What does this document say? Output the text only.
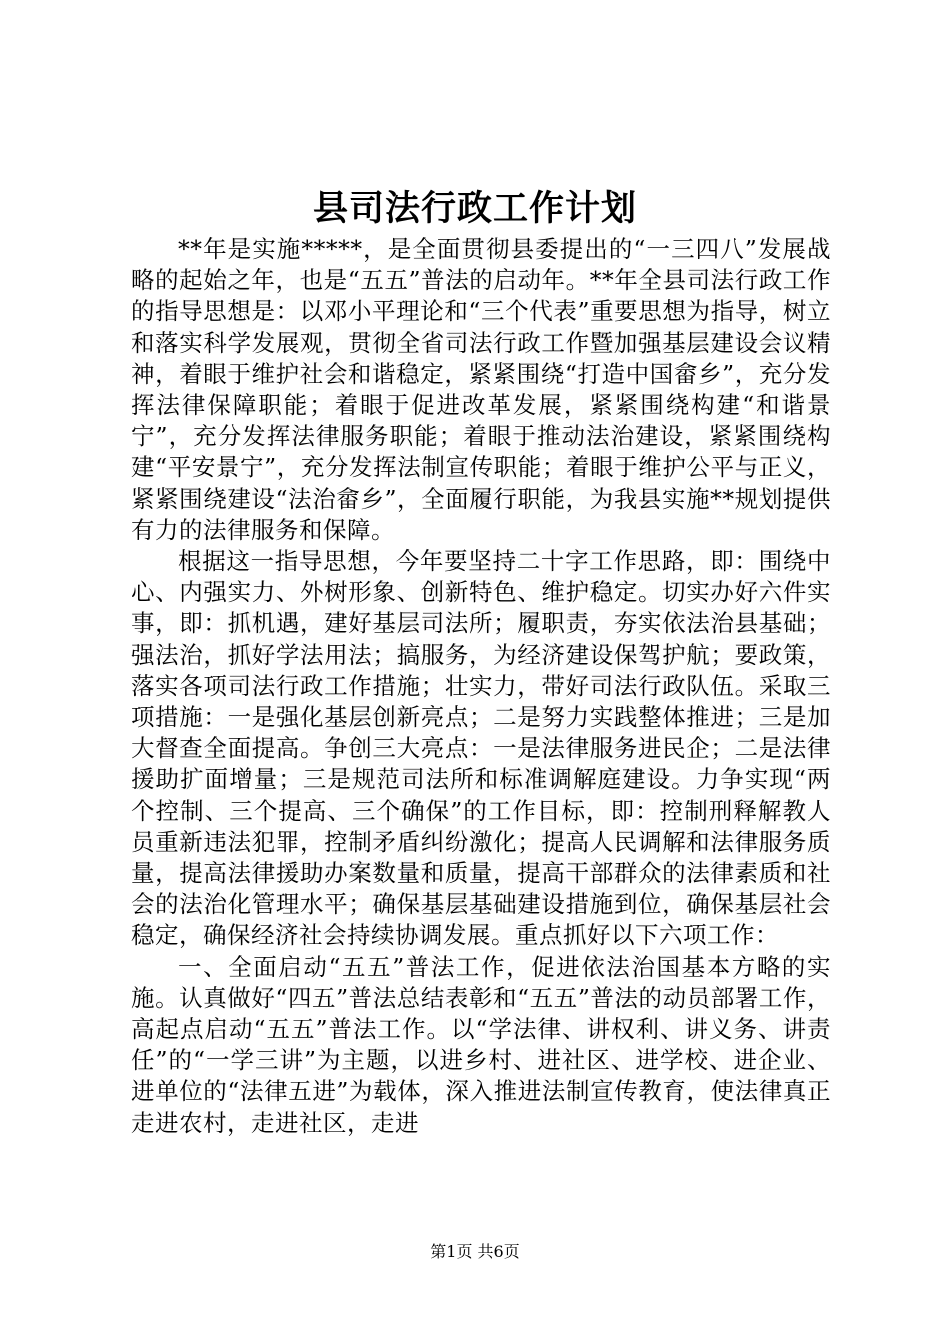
县司法行政工作计划

**年是实施*****，是全面贯彻县委提出的“一三四八”发展战略的起始之年，也是“五五”普法的启动年。**年全县司法行政工作的指导思想是：以邓小平理论和“三个代表”重要思想为指导，树立和落实科学发展观，贯彻全省司法行政工作暨加强基层建设会议精神，着眼于维护社会和谐稳定，紧紧围绕“打造中国畲乡”，充分发挥法律保障职能；着眼于促进改革发展，紧紧围绕构建“和谐景宁”，充分发挥法律服务职能；着眼于推动法治建设，紧紧围绕构建“平安景宁”，充分发挥法制宣传职能；着眼于维护公平与正义，紧紧围绕建设“法治畲乡”，全面履行职能，为我县实施**规划提供有力的法律服务和保障。

根据这一指导思想，今年要坚持二十字工作思路，即：围绕中心、内强实力、外树形象、创新特色、维护稳定。切实办好六件实事，即：抓机遇，建好基层司法所；履职责，夯实依法治县基础；强法治，抓好学法用法；搞服务，为经济建设保驾护航；要政策，落实各项司法行政工作措施；壮实力，带好司法行政队伍。采取三项措施：一是强化基层创新亮点；二是努力实践整体推进；三是加大督查全面提高。争创三大亮点：一是法律服务进民企；二是法律援助扩面增量；三是规范司法所和标准调解庭建设。力争实现“两个控制、三个提高、三个确保”的工作目标，即：控制刑释解教人员重新违法犯罪，控制矛盾纠纷激化；提高人民调解和法律服务质量，提高法律援助办案数量和质量，提高干部群众的法律素质和社会的法治化管理水平；确保基层基础建设措施到位，确保基层社会稳定，确保经济社会持续协调发展。重点抓好以下六项工作：

一、全面启动“五五”普法工作，促进依法治国基本方略的实施。认真做好“四五”普法总结表彰和“五五”普法的动员部署工作，高起点启动“五五”普法工作。以“学法律、讲权利、讲义务、讲责任”的“一学三讲”为主题，以进乡村、进社区、进学校、进企业、进单位的“法律五进”为载体，深入推进法制宣传教育，使法律真正走进农村，走进社区，走进

第1页 共6页
